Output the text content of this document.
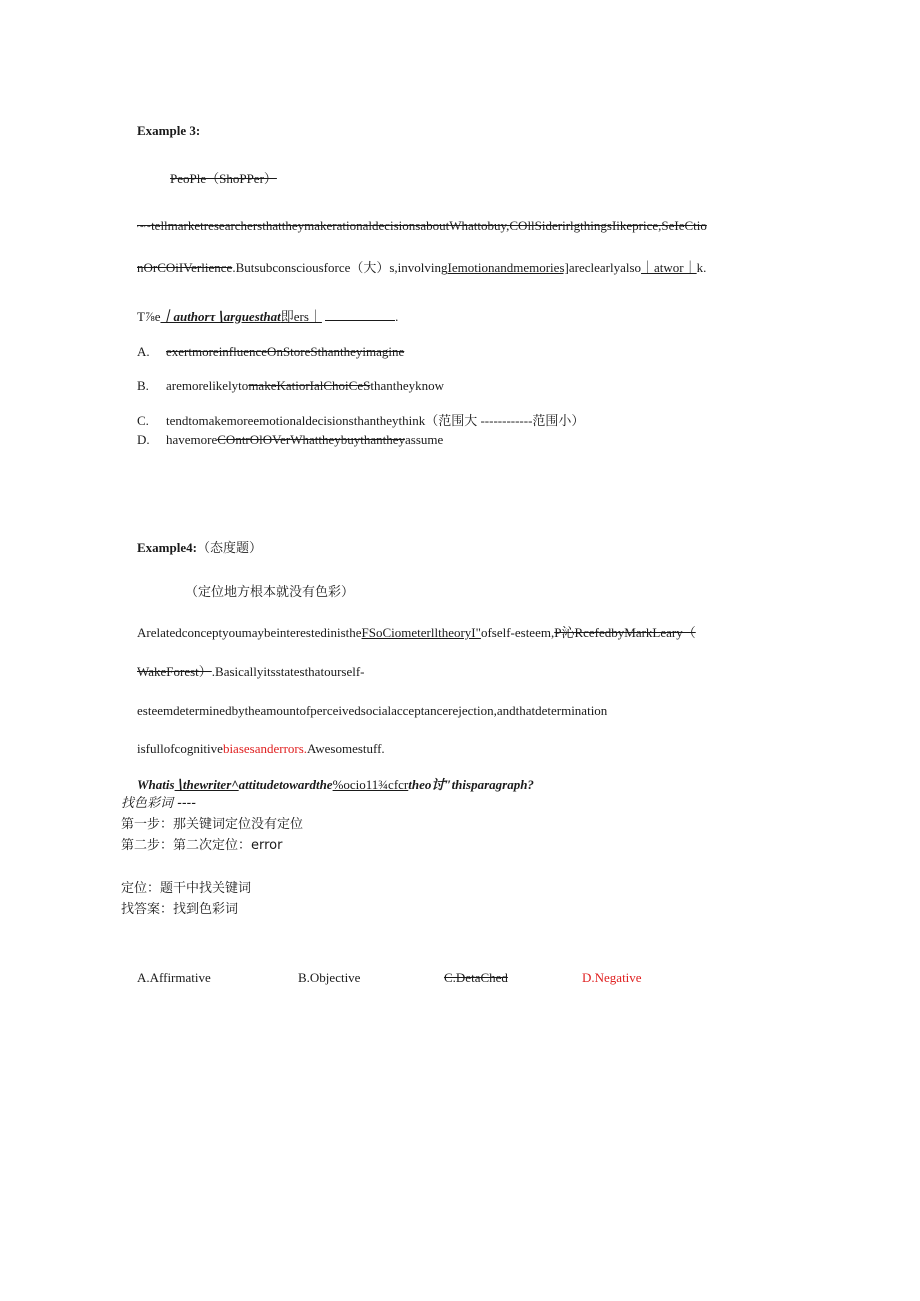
Example 3:
PeoPle（ShoPPer）
~~tellmarketresearchersthattheymakerationaldecisionsaboutWhattobuy,COllSiderirlgthingsIikeprice,SeIeCtio
nOrCOiIVerlience.Butsubconsciousforce（大）s,involvingIemotionandmemories]areclearlyalso｜atwor｜k.
T⅞e｜authorτ∖arguesthat即ers｜	.
A. exertmoreinfluenceOnStoreSthantheyimagine
B. aremorelikelytomakeKatiorIalChoiCeSthantheyknow
C. tendtomakemoreemotionaldecisionsthantheythink（范围大 ------------范围小）
D. havemoreCOntrOlOVerWhattheybuythantheyassume
Example4:（态度题）
（定位地方根本就没有色彩）
ArelatedconceptyoumaybeinterestedinistheFSoCiometerlltheoryI"ofself-esteem,P沁RcefedbyMarkLeary（
WakeForest）.Basicallyitsstatesthatourself-
esteemdeterminedbytheamountofperceivedsocialacceptancerejection,andthatdetermination
isfullofcognitivebiasesanderrors.Awesomestuff.
Whatis∖thewriter^attitudetowardthe%ocio11¾cfcrtheo讨″thisparagraph?
找色彩词 ----
第一步：那关键词定位没有定位
第二步：第二次定位：error
定位：题干中找关键词
找答案：找到色彩词
A.Affirmative	B.Objective	C.DetaChed	D.Negative
